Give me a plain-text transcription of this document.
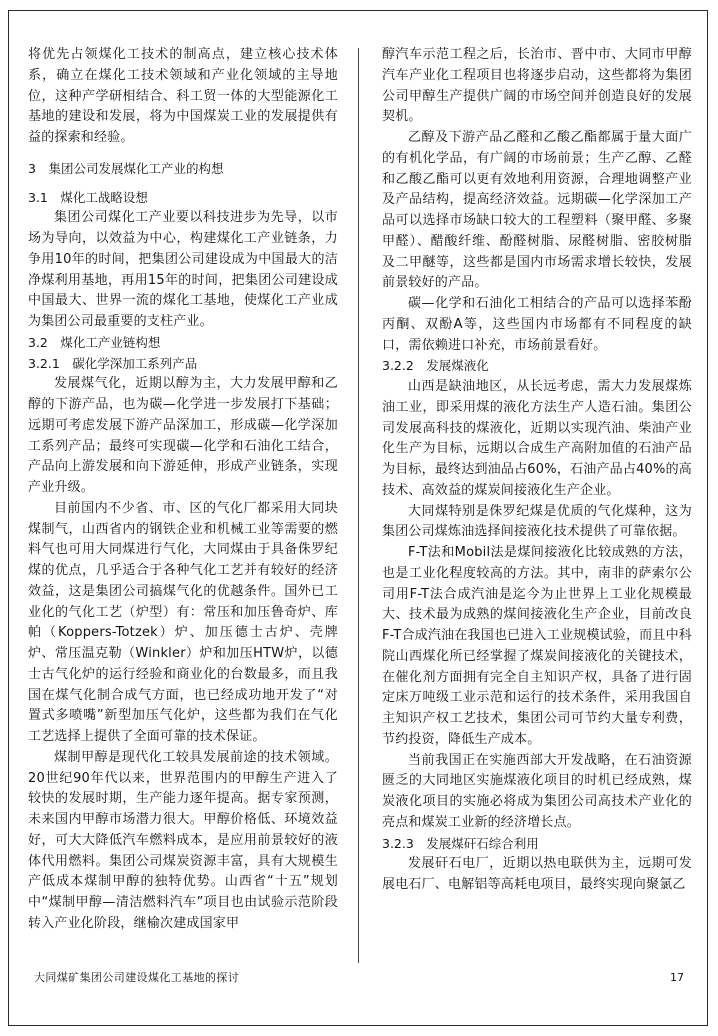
将优先占领煤化工技术的制高点，建立核心技术体系，确立在煤化工技术领域和产业化领域的主导地位，这种产学研相结合、科工贸一体的大型能源化工基地的建设和发展，将为中国煤炭工业的发展提供有益的探索和经验。

3　集团公司发展煤化工产业的构想

3.1　煤化工战略设想

集团公司煤化工产业要以科技进步为先导，以市场为导向，以效益为中心，构建煤化工产业链条，力争用10年的时间，把集团公司建设成为中国最大的洁净煤利用基地，再用15年的时间，把集团公司建设成中国最大、世界一流的煤化工基地，使煤化工产业成为集团公司最重要的支柱产业。

3.2　煤化工产业链构想

3.2.1　碳化学深加工系列产品

发展煤气化，近期以醇为主，大力发展甲醇和乙醇的下游产品，也为碳—化学进一步发展打下基础；远期可考虑发展下游产品深加工，形成碳—化学深加工系列产品；最终可实现碳—化学和石油化工结合，产品向上游发展和向下游延伸，形成产业链条，实现产业升级。

目前国内不少省、市、区的气化厂都采用大同块煤制气，山西省内的钢铁企业和机械工业等需要的燃料气也可用大同煤进行气化，大同煤由于具备侏罗纪煤的优点，几乎适合于各种气化工艺并有较好的经济效益，这是集团公司搞煤气化的优越条件。国外已工业化的气化工艺（炉型）有：常压和加压鲁奇炉、库帕（Koppers-Totzek）炉、加压德士古炉、壳牌炉、常压温克勒（Winkler）炉和加压HTW炉，以德士古气化炉的运行经验和商业化的台数最多，而且我国在煤气化制合成气方面，也已经成功地开发了“对置式多喷嘴”新型加压气化炉，这些都为我们在气化工艺选择上提供了全面可靠的技术保证。

煤制甲醇是现代化工较具发展前途的技术领域。20世纪90年代以来，世界范围内的甲醇生产进入了较快的发展时期，生产能力逐年提高。据专家预测，未来国内甲醇市场潜力很大。甲醇价格低、环境效益好，可大大降低汽车燃料成本，是应用前景较好的液体代用燃料。集团公司煤炭资源丰富，具有大规模生产低成本煤制甲醇的独特优势。山西省“十五”规划中“煤制甲醇—清洁燃料汽车”项目也由试验示范阶段转入产业化阶段，继榆次建成国家甲

醇汽车示范工程之后，长治市、晋中市、大同市甲醇汽车产业化工程项目也将逐步启动，这些都将为集团公司甲醇生产提供广阔的市场空间并创造良好的发展契机。

乙醇及下游产品乙醛和乙酸乙酯都属于量大面广的有机化学品，有广阔的市场前景；生产乙醇、乙醛和乙酸乙酯可以更有效地利用资源，合理地调整产业及产品结构，提高经济效益。远期碳—化学深加工产品可以选择市场缺口较大的工程塑料（聚甲醛、多聚甲醛）、醋酸纤维、酚醛树脂、尿醛树脂、密胶树脂及二甲醚等，这些都是国内市场需求增长较快，发展前景较好的产品。

碳—化学和石油化工相结合的产品可以选择苯酚丙酮、双酚A等，这些国内市场都有不同程度的缺口，需依赖进口补充，市场前景看好。

3.2.2　发展煤液化

山西是缺油地区，从长远考虑，需大力发展煤炼油工业，即采用煤的液化方法生产人造石油。集团公司发展高科技的煤液化，近期以实现汽油、柴油产业化生产为目标，远期以合成生产高附加值的石油产品为目标，最终达到油品占60%，石油产品占40%的高技术、高效益的煤炭间接液化生产企业。

大同煤特别是侏罗纪煤是优质的气化煤种，这为集团公司煤炼油选择间接液化技术提供了可靠依据。

F-T法和Mobil法是煤间接液化比较成熟的方法，也是工业化程度较高的方法。其中，南非的萨索尔公司用F-T法合成汽油是迄今为止世界上工业化规模最大、技术最为成熟的煤间接液化生产企业，目前改良F-T合成汽油在我国也已进入工业规模试验，而且中科院山西煤化所已经掌握了煤炭间接液化的关键技术，在催化剂方面拥有完全自主知识产权，具备了进行固定床万吨级工业示范和运行的技术条件，采用我国自主知识产权工艺技术，集团公司可节约大量专利费，节约投资，降低生产成本。

当前我国正在实施西部大开发战略，在石油资源匮乏的大同地区实施煤液化项目的时机已经成熟，煤炭液化项目的实施必将成为集团公司高技术产业化的亮点和煤炭工业新的经济增长点。

3.2.3　发展煤矸石综合利用

发展矸石电厂，近期以热电联供为主，远期可发展电石厂、电解铝等高耗电项目，最终实现向聚氯乙

大同煤矿集团公司建设煤化工基地的探讨	17
